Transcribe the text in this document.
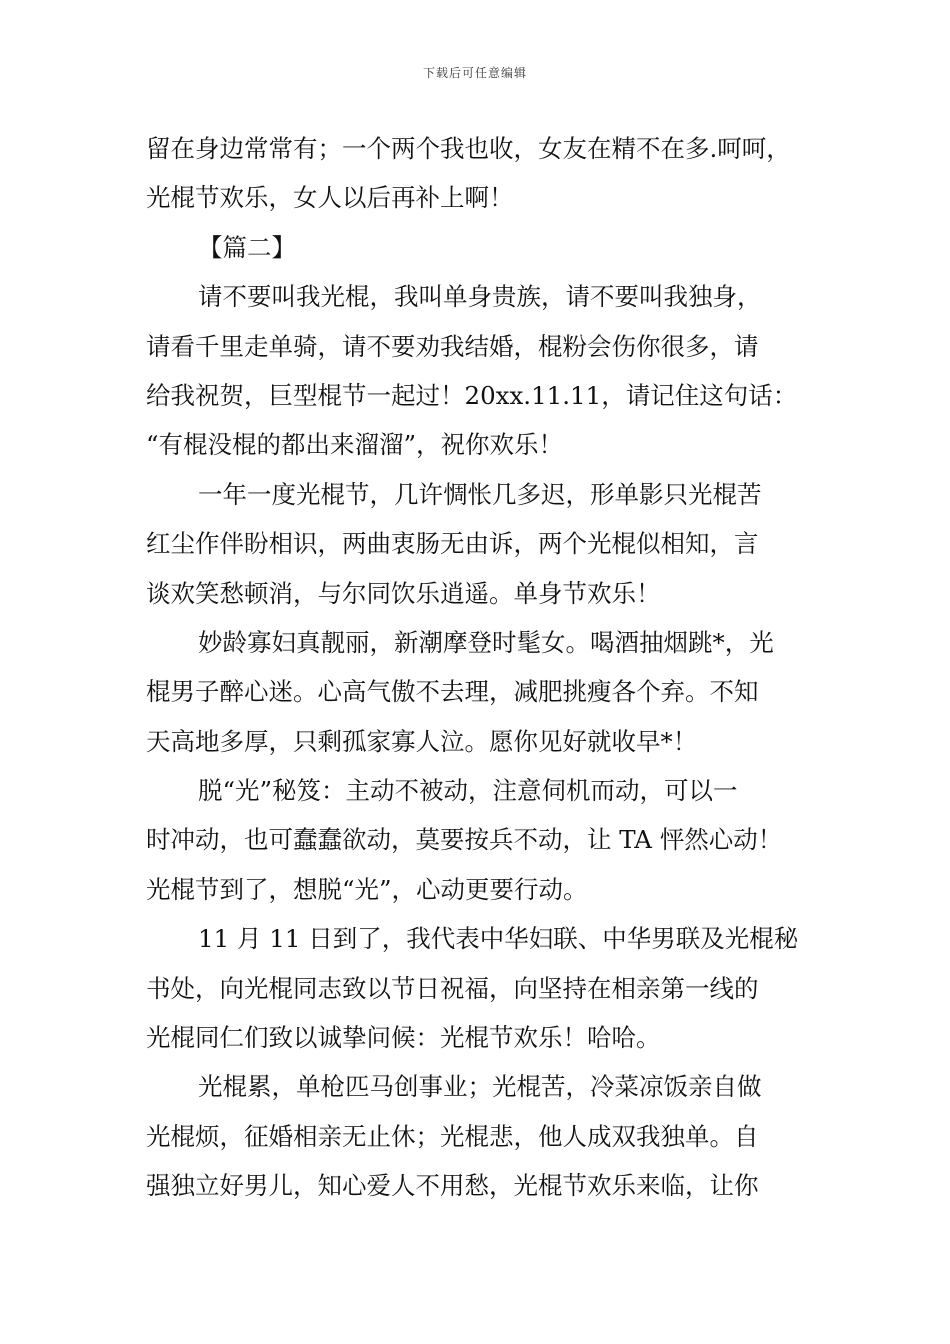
下载后可任意编辑
留在身边常常有；一个两个我也收，女友在精不在多.呵呵，
光棍节欢乐，女人以后再补上啊！
【篇二】
请不要叫我光棍，我叫单身贵族，请不要叫我独身，
请看千里走单骑，请不要劝我结婚，棍粉会伤你很多，请
给我祝贺，巨型棍节一起过！20xx.11.11，请记住这句话：
“有棍没棍的都出来溜溜”，祝你欢乐！
一年一度光棍节，几许惆怅几多迟，形单影只光棍苦
红尘作伴盼相识，两曲衷肠无由诉，两个光棍似相知，言
谈欢笑愁顿消，与尔同饮乐逍遥。单身节欢乐！
妙龄寡妇真靓丽，新潮摩登时髦女。喝酒抽烟跳*，光
棍男子醉心迷。心高气傲不去理，减肥挑瘦各个弃。不知
天高地多厚，只剩孤家寡人泣。愿你见好就收早*！
脱“光”秘笈：主动不被动，注意伺机而动，可以一
时冲动，也可蠢蠢欲动，莫要按兵不动，让 TA 怦然心动！
光棍节到了，想脱“光”，心动更要行动。
11 月 11 日到了，我代表中华妇联、中华男联及光棍秘
书处，向光棍同志致以节日祝福，向坚持在相亲第一线的
光棍同仁们致以诚挚问候：光棍节欢乐！哈哈。
光棍累，单枪匹马创事业；光棍苦，冷菜凉饭亲自做
光棍烦，征婚相亲无止休；光棍悲，他人成双我独单。自
强独立好男儿，知心爱人不用愁，光棍节欢乐来临，让你
